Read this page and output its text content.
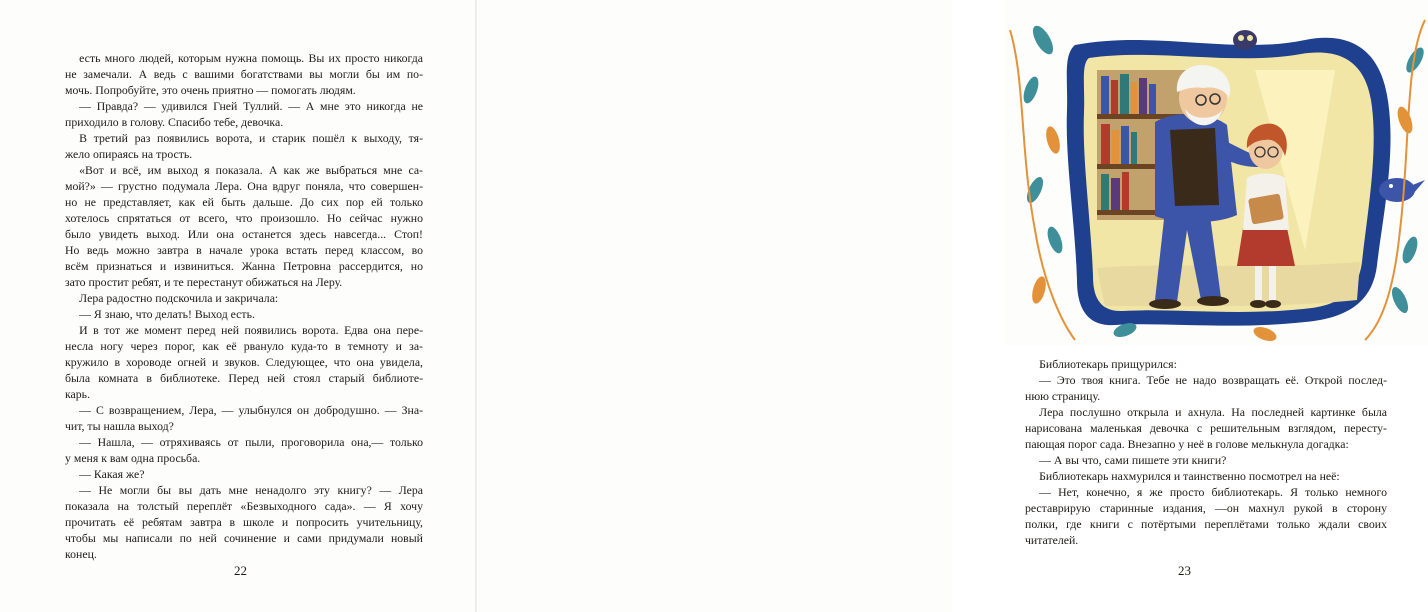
есть много людей, которым нужна помощь. Вы их просто никогда

не замечали. А ведь с вашими богатствами вы могли бы им по-

мочь. Попробуйте, это очень приятно — помогать людям.

— Правда? — удивился Гней Туллий. — А мне это никогда не

приходило в голову. Спасибо тебе, девочка.

В третий раз появились ворота, и старик пошёл к выходу, тя-

жело опираясь на трость.

«Вот и всё, им выход я показала. А как же выбраться мне са-

мой?» — грустно подумала Лера. Она вдруг поняла, что совершен-

но не представляет, как ей быть дальше. До сих пор ей только

хотелось спрятаться от всего, что произошло. Но сейчас нужно

было увидеть выход. Или она останется здесь навсегда... Стоп!

Но ведь можно завтра в начале урока встать перед классом, во

всём признаться и извиниться. Жанна Петровна рассердится, но

зато простит ребят, и те перестанут обижаться на Леру.

Лера радостно подскочила и закричала:

— Я знаю, что делать! Выход есть.

И в тот же момент перед ней появились ворота. Едва она пере-

несла ногу через порог, как её рвануло куда-то в темноту и за-

кружило в хороводе огней и звуков. Следующее, что она увидела,

была комната в библиотеке. Перед ней стоял старый библиоте-

карь.

— С возвращением, Лера, — улыбнулся он добродушно. — Зна-

чит, ты нашла выход?

— Нашла, — отряхиваясь от пыли, проговорила она,— только

у меня к вам одна просьба.

— Какая же?

— Не могли бы вы дать мне ненадолго эту книгу? — Лера

показала на толстый переплёт «Безвыходного сада». — Я хочу

прочитать её ребятам завтра в школе и попросить учительницу,

чтобы мы написали по ней сочинение и сами придумали новый

конец.

22

Библиотекарь прищурился:

— Это твоя книга. Тебе не надо возвращать её. Открой послед-

нюю страницу.

Лера послушно открыла и ахнула. На последней картинке была

нарисована маленькая девочка с решительным взглядом, пересту-

пающая порог сада. Внезапно у неё в голове мелькнула догадка:

— А вы что, сами пишете эти книги?

Библиотекарь нахмурился и таинственно посмотрел на неё:

— Нет, конечно, я же просто библиотекарь. Я только немного

реставрирую старинные издания, —он махнул рукой в сторону

полки, где книги с потёртыми переплётами только ждали своих

читателей.

23
